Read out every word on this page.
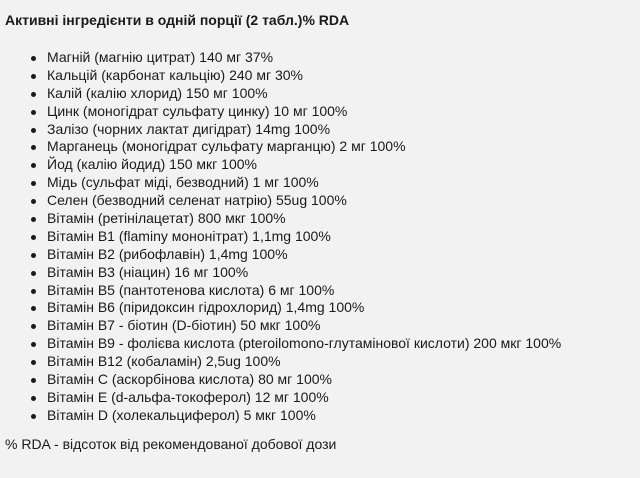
Активні інгредієнти в одній порції (2 табл.)% RDA
Магній (магнію цитрат) 140 мг 37%
Кальцій (карбонат кальцію) 240 мг 30%
Калій (калію хлорид) 150 мг 100%
Цинк (моногідрат сульфату цинку) 10 мг 100%
Залізо (чорних лактат дигідрат) 14mg 100%
Марганець (моногідрат сульфату марганцю) 2 мг 100%
Йод (калію йодид) 150 мкг 100%
Мідь (сульфат міді, безводний) 1 мг 100%
Селен (безводний селенат натрію) 55ug 100%
Вітамін (ретінілацетат) 800 мкг 100%
Вітамін B1 (flaminy мононітрат) 1,1mg 100%
Вітамін B2 (рибофлавін) 1,4mg 100%
Вітамін B3 (ніацин) 16 мг 100%
Вітамін B5 (пантотенова кислота) 6 мг 100%
Вітамін B6 (піридоксин гідрохлорид) 1,4mg 100%
Вітамін B7 - біотин (D-біотин) 50 мкг 100%
Вітамін B9 - фолієва кислота (pteroilomono-глутамінової кислоти) 200 мкг 100%
Вітамін B12 (кобаламін) 2,5ug 100%
Вітамін C (аскорбінова кислота) 80 мг 100%
Вітамін E (d-альфа-токоферол) 12 мг 100%
Вітамін D (холекальциферол) 5 мкг 100%
% RDA - відсоток від рекомендованої добової дози
